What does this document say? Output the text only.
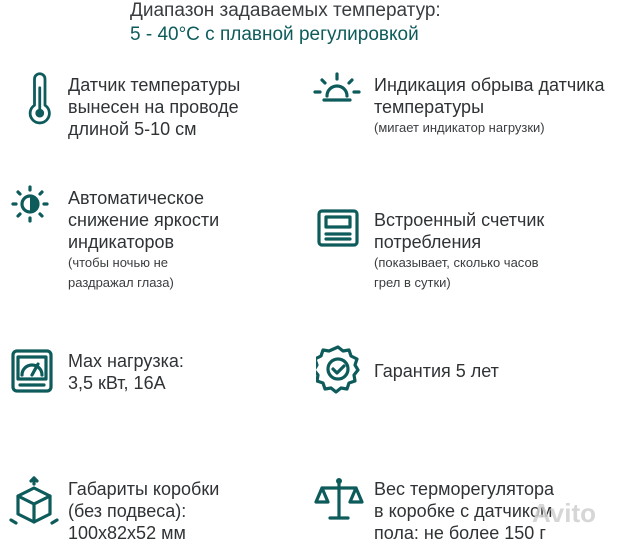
Диапазон задаваемых температур:
5 - 40°C с плавной регулировкой
Датчик температуры
вынесен на проводе
длиной 5-10 см
Индикация обрыва датчика
температуры
(мигает индикатор нагрузки)
Автоматическое
снижение яркости
индикаторов
(чтобы ночью не
раздражал глаза)
Встроенный счетчик
потребления
(показывает, сколько часов
грел в сутки)
Max нагрузка:
3,5 кВт, 16А
Гарантия 5 лет
Габариты коробки
(без подвеса):
100x82x52 мм
Вес терморегулятора
в коробке с датчиком
пола: не более 150 г
Avito
